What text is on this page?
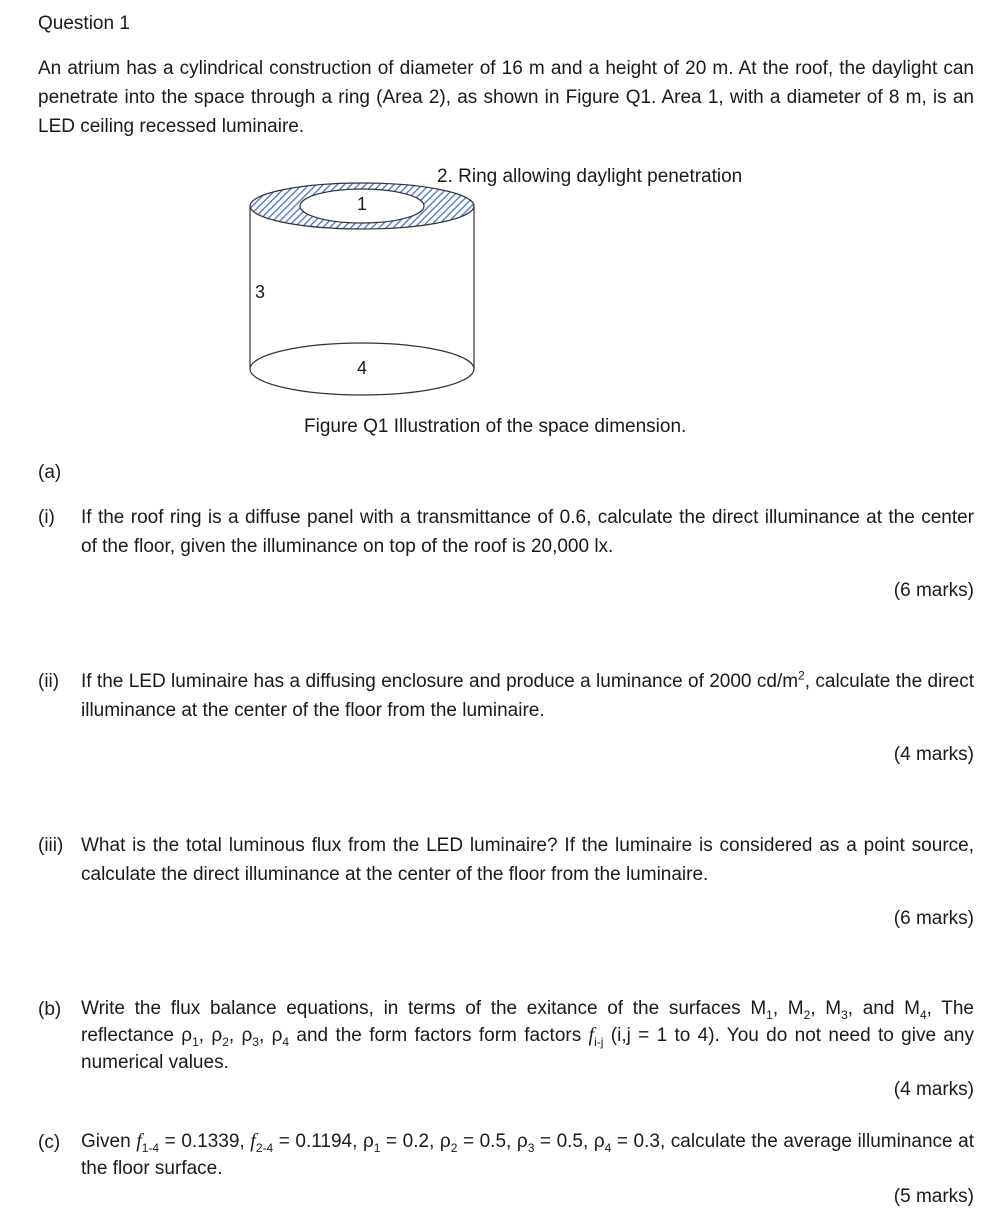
Question 1
An atrium has a cylindrical construction of diameter of 16 m and a height of 20 m. At the roof, the daylight can penetrate into the space through a ring (Area 2), as shown in Figure Q1. Area 1, with a diameter of 8 m, is an LED ceiling recessed luminaire.
2. Ring allowing daylight penetration
1
3
4
Figure Q1 Illustration of the space dimension.
(a)
(i) If the roof ring is a diffuse panel with a transmittance of 0.6, calculate the direct illuminance at the center of the floor, given the illuminance on top of the roof is 20,000 lx.
(6 marks)
(ii) If the LED luminaire has a diffusing enclosure and produce a luminance of 2000 $cd/m^2$, calculate the direct illuminance at the center of the floor from the luminaire.
(4 marks)
(iii) What is the total luminous flux from the LED luminaire? If the luminaire is considered as a point source, calculate the direct illuminance at the center of the floor from the luminaire.
(6 marks)
(b) Write the flux balance equations, in terms of the exitance of the surfaces $M_1$, $M_2$, $M_3$, and $M_4$, The reflectance $\rho_1$, $\rho_2$, $\rho_3$, $\rho_4$ and the form factors form factors $f_{i-j}$ (i,j = 1 to 4). You do not need to give any numerical values.
(4 marks)
(c) Given $f_{1-4} = 0.1339$, $f_{2-4} = 0.1194$, $\rho_1 = 0.2$, $\rho_2 = 0.5$, $\rho_3 = 0.5$, $\rho_4 = 0.3$, calculate the average illuminance at the floor surface.
(5 marks)
